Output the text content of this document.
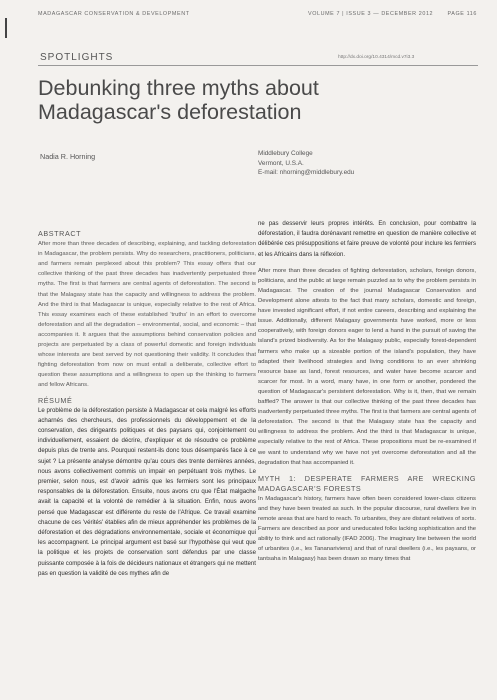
MADAGASCAR CONSERVATION & DEVELOPMENT	VOLUME 7 | ISSUE 3 — DECEMBER 2012	PAGE 116
SPOTLIGHTS	http://dx.doi.org/10.4314/mcd.v7i3.3
Debunking three myths about Madagascar's deforestation
Nadia R. Horning	Middlebury College
Vermont, U.S.A.
E-mail: nhorning@middlebury.edu

ABSTRACT

After more than three decades of describing, explaining, and tackling deforestation in Madagascar, the problem persists. Why do researchers, practitioners, politicians, and farmers remain perplexed about this problem? This essay offers that our collective thinking of the past three decades has inadvertently perpetuated three myths. The first is that farmers are central agents of deforestation. The second is that the Malagasy state has the capacity and willingness to address the problem. And the third is that Madagascar is unique, especially relative to the rest of Africa. This essay examines each of these established 'truths' in an effort to overcome deforestation and all the degradation – environmental, social, and economic – that accompanies it. It argues that the assumptions behind conservation policies and projects are perpetuated by a class of powerful domestic and foreign individuals whose interests are best served by not questioning their validity. It concludes that fighting deforestation from now on must entail a deliberate, collective effort to question these assumptions and a willingness to open up the thinking to farmers and fellow Africans.

RÉSUMÉ

Le problème de la déforestation persiste à Madagascar et cela malgré les efforts acharnés des chercheurs, des professionnels du développement et de la conservation, des dirigeants politiques et des paysans qui, conjointement ou individuellement, essaient de décrire, d'expliquer et de résoudre ce problème depuis plus de trente ans. Pourquoi restent-ils donc tous désemparés face à ce sujet ? La présente analyse démontre qu'au cours des trente dernières années, nous avons collectivement commis un impair en perpétuant trois mythes. Le premier, selon nous, est d'avoir admis que les fermiers sont les principaux responsables de la déforestation. Ensuite, nous avons cru que l'État malgache avait la capacité et la volonté de remédier à la situation. Enfin, nous avons pensé que Madagascar est différente du reste de l'Afrique. Ce travail examine chacune de ces 'vérités' établies afin de mieux appréhender les problèmes de la déforestation et des dégradations environnementale, sociale et économique qui les accompagnent. Le principal argument est basé sur l'hypothèse qui veut que la politique et les projets de conservation sont défendus par une classe puissante composée à la fois de décideurs nationaux et étrangers qui ne mettent pas en question la validité de ces mythes afin de

ne pas desservir leurs propres intérêts. En conclusion, pour combattre la déforestation, il faudra dorénavant remettre en question de manière collective et délibérée ces présuppositions et faire preuve de volonté pour inclure les fermiers et les Africains dans la réflexion.

After more than three decades of fighting deforestation, scholars, foreign donors, politicians, and the public at large remain puzzled as to why the problem persists in Madagascar. The creation of the journal Madagascar Conservation and Development alone attests to the fact that many scholars, domestic and foreign, have invested significant effort, if not entire careers, describing and explaining the issue. Additionally, different Malagasy governments have worked, more or less cooperatively, with foreign donors eager to lend a hand in the pursuit of saving the island's prized biodiversity. As for the Malagasy public, especially forest-dependent farmers who make up a sizeable portion of the island's population, they have adapted their livelihood strategies and living conditions to an ever shrinking resource base as land, forest resources, and water have become scarcer and scarcer for most. In a word, many have, in one form or another, pondered the question of Madagascar's persistent deforestation. Why is it, then, that we remain baffled? The answer is that our collective thinking of the past three decades has inadvertently perpetuated three myths. The first is that farmers are central agents of deforestation. The second is that the Malagasy state has the capacity and willingness to address the problem. And the third is that Madagascar is unique, especially relative to the rest of Africa. These propositions must be re-examined if we want to understand why we have not yet overcome deforestation and all the degradation that has accompanied it.

MYTH 1: DESPERATE FARMERS ARE WRECKING MADAGASCAR'S FORESTS

In Madagascar's history, farmers have often been considered lower-class citizens and they have been treated as such. In the popular discourse, rural dwellers live in remote areas that are hard to reach. To urbanites, they are distant relatives of sorts. Farmers are described as poor and uneducated folks lacking sophistication and the ability to think and act rationally (IFAD 2006). The imaginary line between the world of urbanites (i.e., les Tananariviens) and that of rural dwellers (i.e., les paysans, or tantsaha in Malagasy) has been drawn so many times that
